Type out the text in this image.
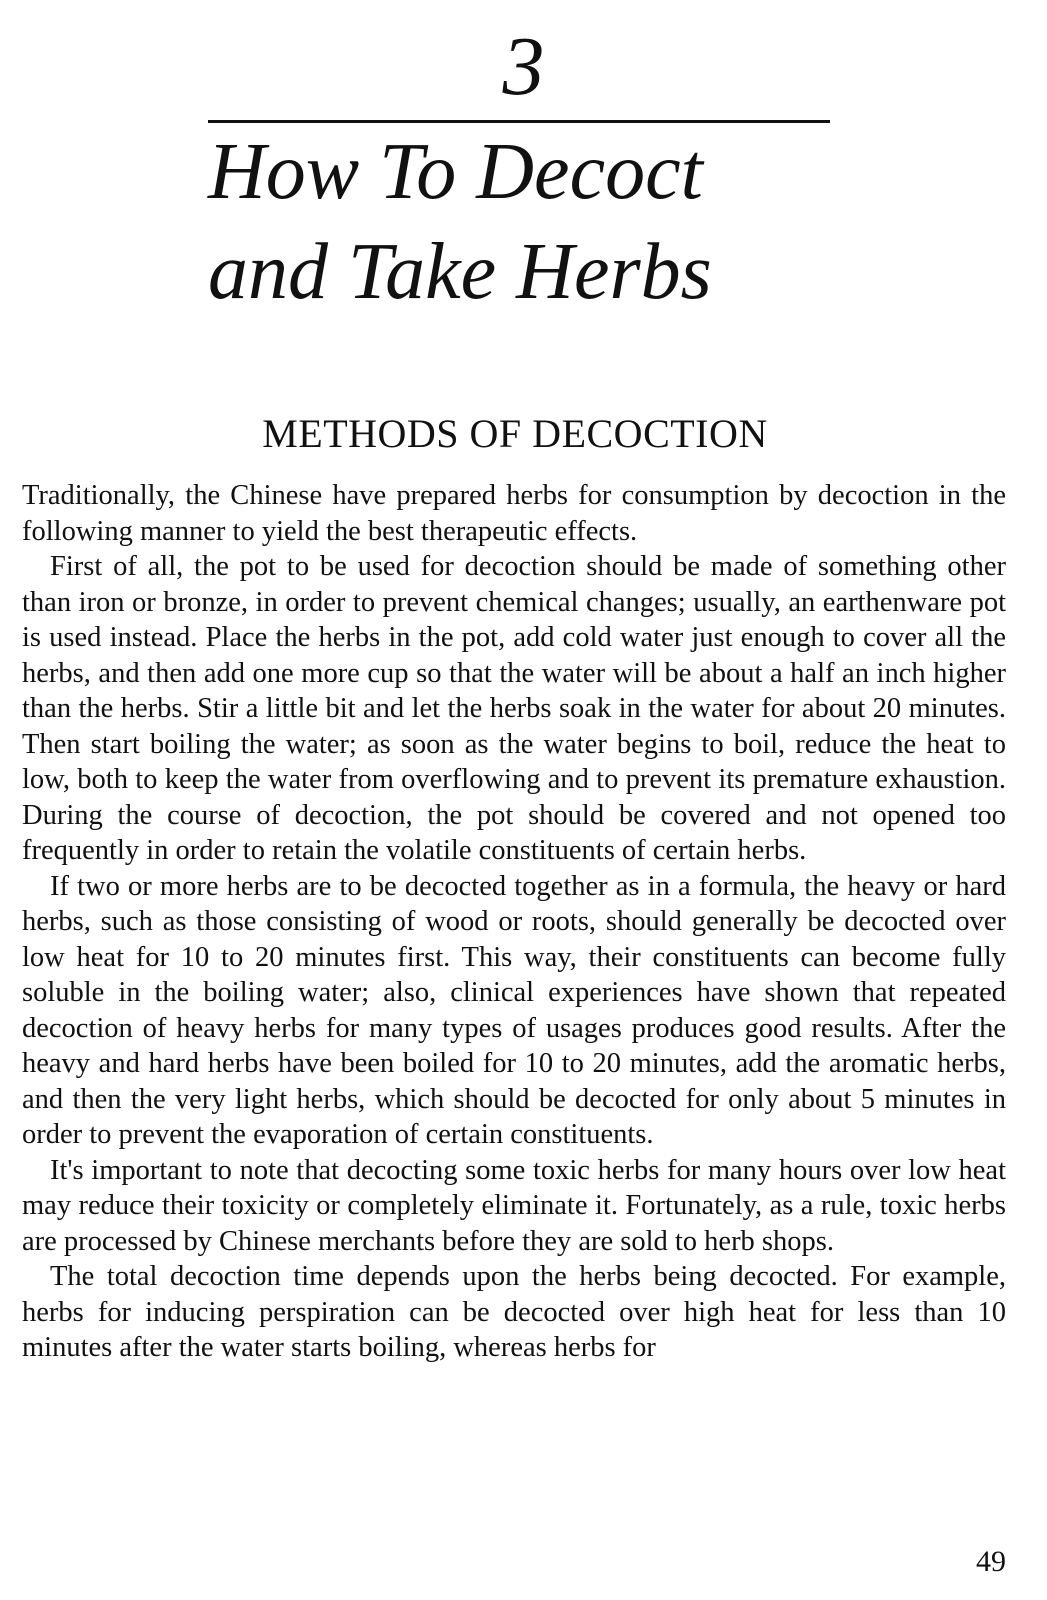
3
How To Decoct
and Take Herbs
METHODS OF DECOCTION

Traditionally, the Chinese have prepared herbs for consumption by decoction in the following manner to yield the best therapeutic effects.

First of all, the pot to be used for decoction should be made of something other than iron or bronze, in order to prevent chemical changes; usually, an earthenware pot is used instead. Place the herbs in the pot, add cold water just enough to cover all the herbs, and then add one more cup so that the water will be about a half an inch higher than the herbs. Stir a little bit and let the herbs soak in the water for about 20 minutes. Then start boiling the water; as soon as the water begins to boil, reduce the heat to low, both to keep the water from overflowing and to prevent its premature exhaustion. During the course of decoction, the pot should be covered and not opened too frequently in order to retain the volatile constituents of certain herbs.

If two or more herbs are to be decocted together as in a formula, the heavy or hard herbs, such as those consisting of wood or roots, should generally be decocted over low heat for 10 to 20 minutes first. This way, their constituents can become fully soluble in the boiling water; also, clinical experiences have shown that repeated decoction of heavy herbs for many types of usages produces good results. After the heavy and hard herbs have been boiled for 10 to 20 minutes, add the aromatic herbs, and then the very light herbs, which should be decocted for only about 5 minutes in order to prevent the evaporation of certain constituents.

It's important to note that decocting some toxic herbs for many hours over low heat may reduce their toxicity or completely eliminate it. Fortunately, as a rule, toxic herbs are processed by Chinese merchants before they are sold to herb shops.

The total decoction time depends upon the herbs being decocted. For example, herbs for inducing perspiration can be decocted over high heat for less than 10 minutes after the water starts boiling, whereas herbs for

49
